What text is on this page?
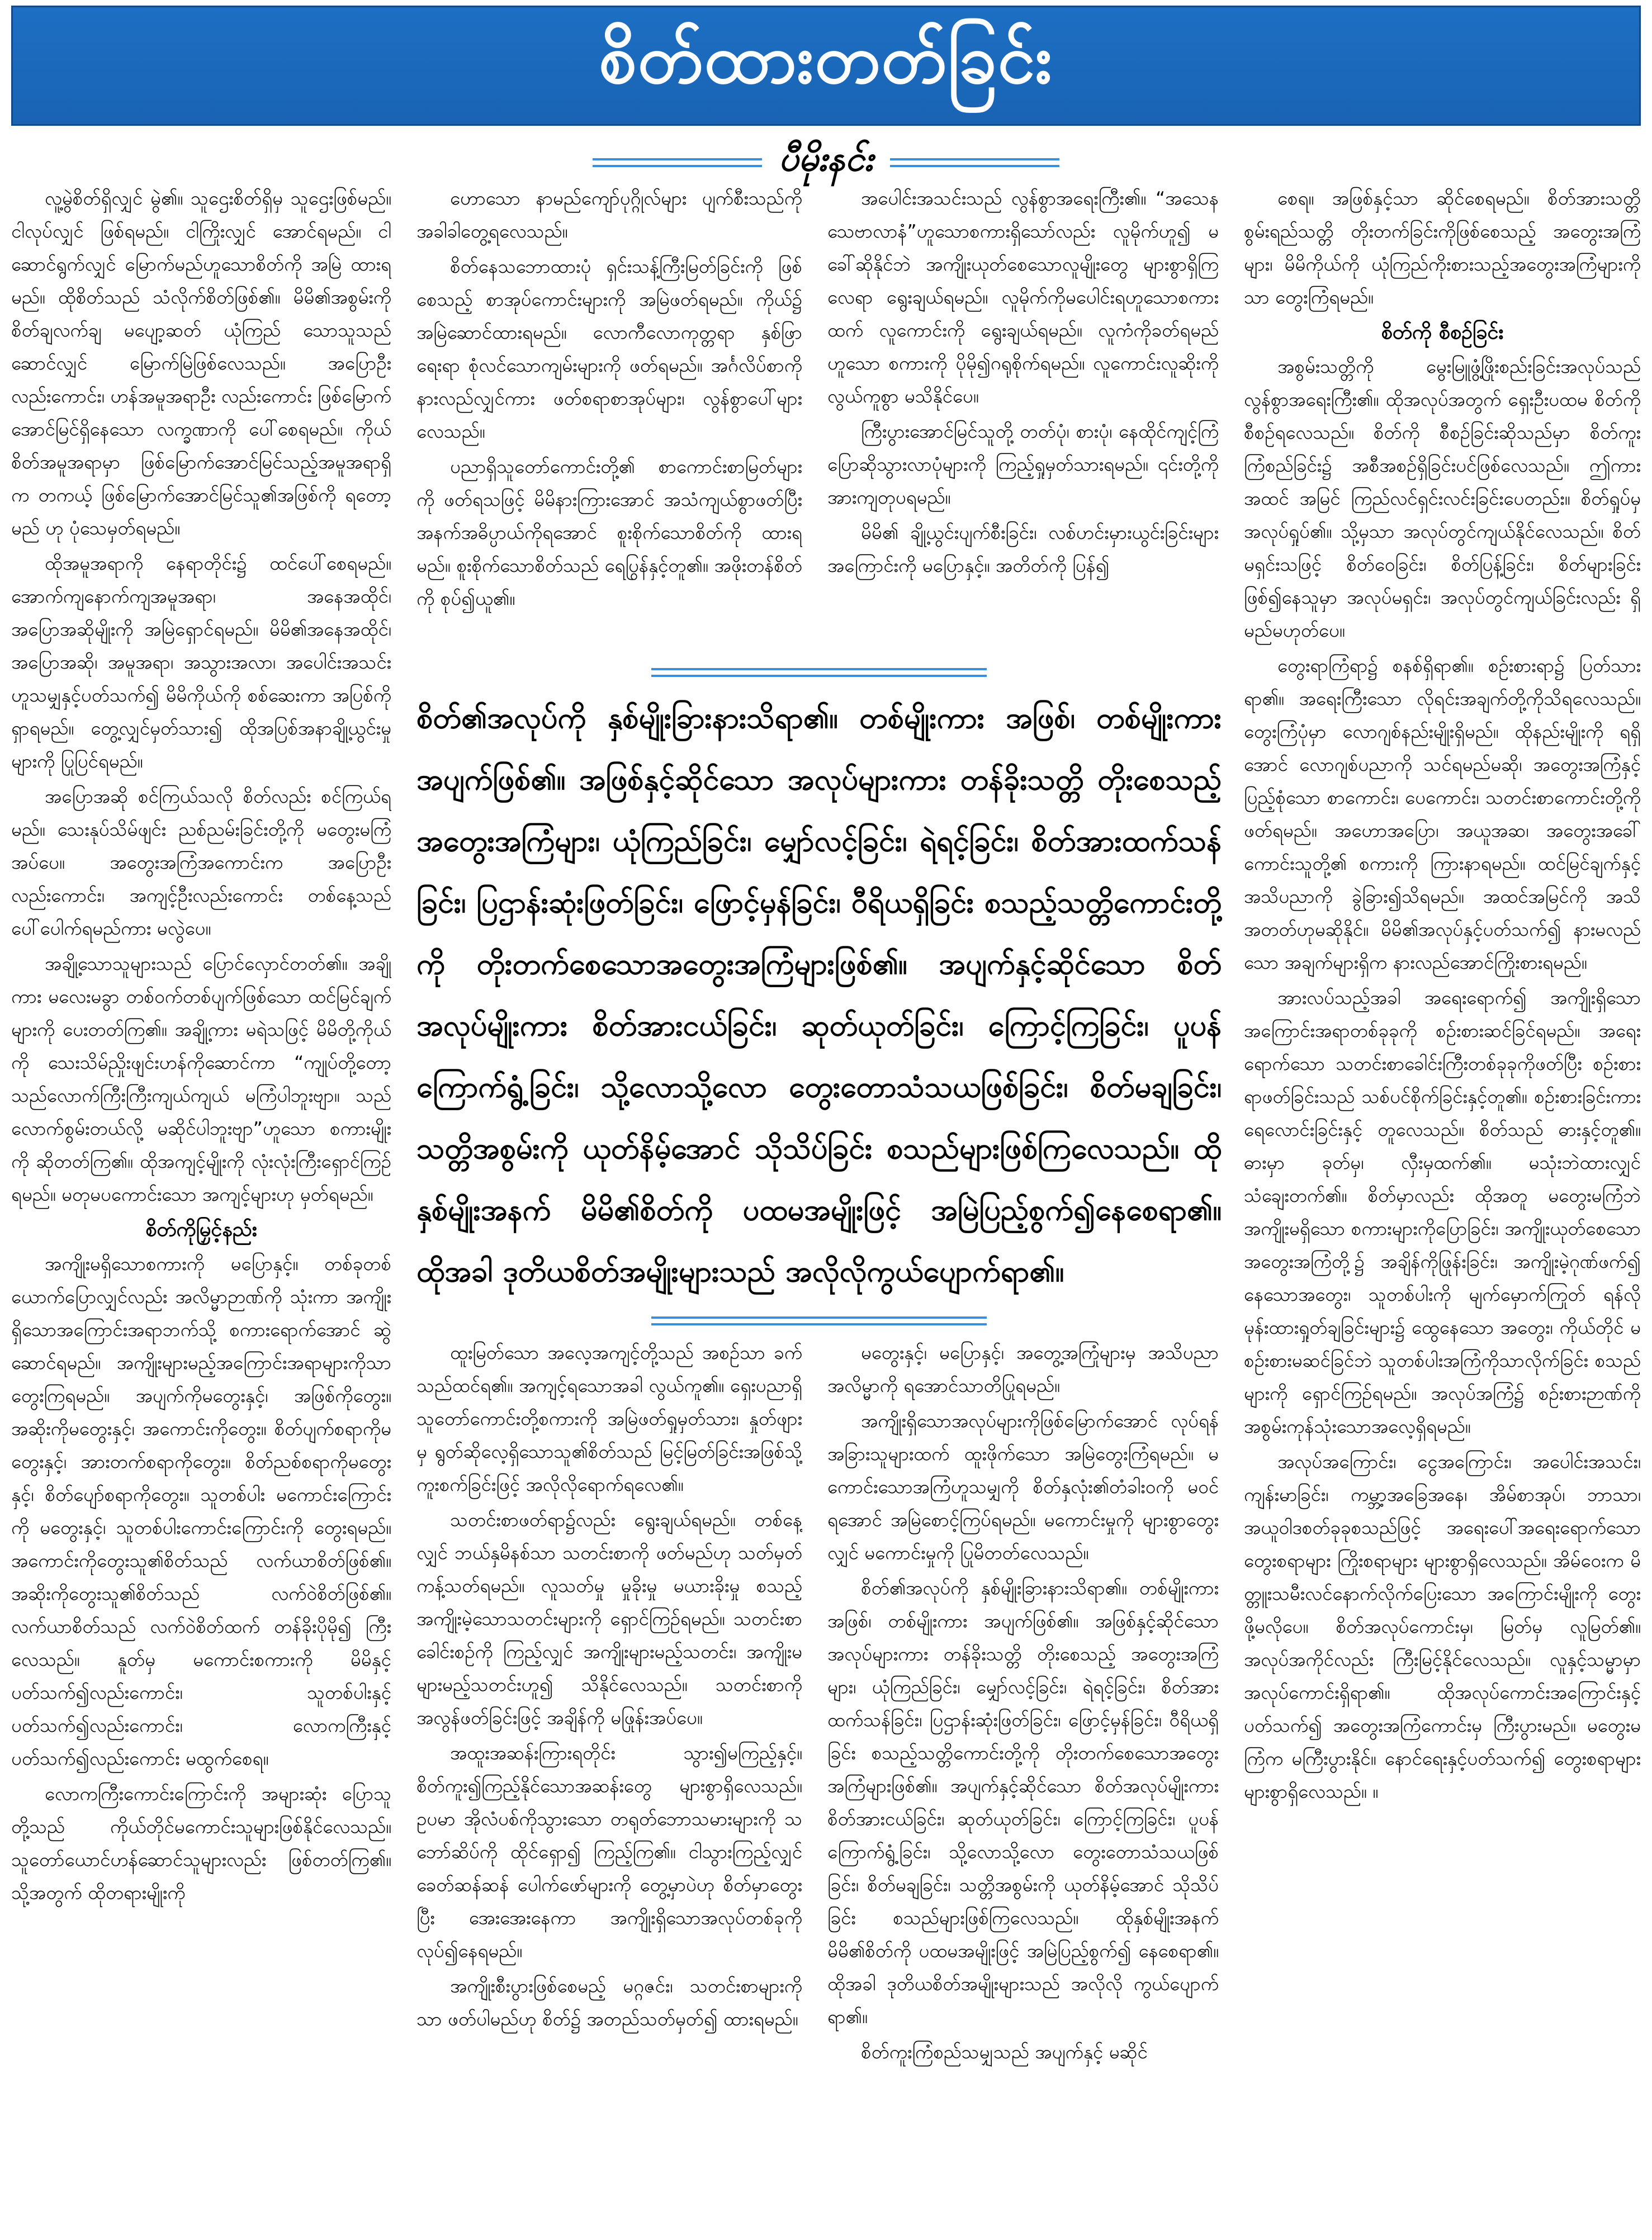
စိတ်ထားတတ်ခြင်း
ပီမိုးနင်း

လူ့မွဲစိတ်ရှိလျှင် မွဲ၏။ သူဌေးစိတ်ရှိမှ သူဌေးဖြစ်မည်။ ငါလုပ်လျှင် ဖြစ်ရမည်။ ငါကြိုးလျှင် အောင်ရမည်။ ငါဆောင်ရွက်လျှင် မြောက်မည်ဟူသောစိတ်ကို အမြဲ ထားရမည်။ ထိုစိတ်သည် သံလိုက်စိတ်ဖြစ်၏။ မိမိ၏အစွမ်းကို စိတ်ချလက်ချ မပျော့ဆတ် ယုံကြည် သောသူသည် ဆောင်လျှင် မြောက်မြဲဖြစ်လေသည်။ အပြောဦးလည်းကောင်း၊ ဟန်အမူအရာဦး လည်းကောင်း ဖြစ်မြောက်အောင်မြင်ရှိနေသော လက္ခဏာကို ပေါ်စေရမည်။ ကိုယ်စိတ်အမူအရာမှာ ဖြစ်မြောက်အောင်မြင်သည့်အမူအရာရှိက တကယ့် ဖြစ်မြောက်အောင်မြင်သူ၏အဖြစ်ကို ရတော့မည် ဟု ပုံသေမှတ်ရမည်။

ထိုအမူအရာကို နေရာတိုင်း၌ ထင်ပေါ်စေရမည်။ အောက်ကျနောက်ကျအမူအရာ၊ အနေအထိုင်၊ အပြောအဆိုမျိုးကို အမြဲရှောင်ရမည်။ မိမိ၏အနေအထိုင်၊ အပြောအဆို၊ အမူအရာ၊ အသွားအလာ၊ အပေါင်းအသင်းဟူသမျှနှင့်ပတ်သက်၍ မိမိကိုယ်ကို စစ်ဆေးကာ အပြစ်ကိုရှာရမည်။ တွေ့လျှင်မှတ်သား၍ ထိုအပြစ်အနာချို့ယွင်းမှုများကို ပြုပြင်ရမည်။

အပြောအဆို စင်ကြယ်သလို စိတ်လည်း စင်ကြယ်ရမည်။ သေးနုပ်သိမ်ဖျင်း ညစ်ညမ်းခြင်းတို့ကို မတွေးမကြံအပ်ပေ။ အတွေးအကြံအကောင်းက အပြောဦးလည်းကောင်း၊ အကျင့်ဦးလည်းကောင်း တစ်နေ့သည် ပေါ်ပေါက်ရမည်ကား မလွဲပေ။

အချို့သောသူများသည် ပြောင်လှောင်တတ်၏။ အချို့ကား မလေးမခွာ တစ်ဝက်တစ်ပျက်ဖြစ်သော ထင်မြင်ချက်များကို ပေးတတ်ကြ၏။ အချို့ကား မရဲသဖြင့် မိမိတို့ကိုယ်ကို သေးသိမ်ညှိုးဖျင်းဟန်ကိုဆောင်ကာ “ကျုပ်တို့တော့ သည်လောက်ကြီးကြီးကျယ်ကျယ် မကြံပါဘူးဗျာ။ သည်လောက်စွမ်းတယ်လို့ မဆိုင်ပါဘူးဗျာ”ဟူသော စကားမျိုးကို ဆိုတတ်ကြ၏။ ထိုအကျင့်မျိုးကို လုံးလုံးကြီးရှောင်ကြဉ်ရမည်။ မတုမပကောင်းသော အကျင့်များဟု မှတ်ရမည်။

စိတ်ကိုမြှင့်နည်း

အကျိုးမရှိသောစကားကို မပြောနှင့်။ တစ်ခုတစ်ယောက်ပြောလျှင်လည်း အလိမ္မာဉာဏ်ကို သုံးကာ အကျိုးရှိသောအကြောင်းအရာဘက်သို့ စကားရောက်အောင် ဆွဲဆောင်ရမည်။ အကျိုးများမည့်အကြောင်းအရာများကိုသာ တွေးကြရမည်။ အပျက်ကိုမတွေးနှင့်၊ အဖြစ်ကိုတွေး။ အဆိုးကိုမတွေးနှင့်၊ အကောင်းကိုတွေး။ စိတ်ပျက်စရာကိုမတွေးနှင့်၊ အားတက်စရာကိုတွေး။ စိတ်ညစ်စရာကိုမတွေးနှင့်၊ စိတ်ပျော်စရာကိုတွေး။ သူတစ်ပါး မကောင်းကြောင်းကို မတွေးနှင့်၊ သူတစ်ပါးကောင်းကြောင်းကို တွေးရမည်။ အကောင်းကိုတွေးသူ၏စိတ်သည် လက်ယာစိတ်ဖြစ်၏။ အဆိုးကိုတွေးသူ၏စိတ်သည် လက်ဝဲစိတ်ဖြစ်၏။ လက်ယာစိတ်သည် လက်ဝဲစိတ်ထက် တန်ခိုးပိုမို၍ ကြီးလေသည်။ နူတ်မှ မကောင်းစကားကို မိမိနှင့်ပတ်သက်၍လည်းကောင်း၊ သူတစ်ပါးနှင့်ပတ်သက်၍လည်းကောင်း၊ လောကကြီးနှင့် ပတ်သက်၍လည်းကောင်း မထွက်စေရ။

လောကကြီးကောင်းကြောင်းကို အများဆုံး ပြောသူတို့သည် ကိုယ်တိုင်မကောင်းသူများဖြစ်နိုင်လေသည်။ သူတော်ယောင်ဟန်ဆောင်သူများလည်း ဖြစ်တတ်ကြ၏။ သို့အတွက် ထိုတရားမျိုးကို

ဟောသော နာမည်ကျော်ပုဂ္ဂိုလ်များ ပျက်စီးသည်ကို အခါခါတွေ့ရလေသည်။

စိတ်နေသဘောထားပုံ ရှင်းသန့်ကြီးမြတ်ခြင်းကို ဖြစ်စေသည့် စာအုပ်ကောင်းများကို အမြဲဖတ်ရမည်။ ကိုယ်၌ အမြဲဆောင်ထားရမည်။ လောကီလောကုတ္တရာ နှစ်ဖြာရေးရာ စုံလင်သောကျမ်းများကို ဖတ်ရမည်။ အင်္ဂလိပ်စာကို နားလည်လျှင်ကား ဖတ်စရာစာအုပ်များ၊ လွန်စွာပေါ်များလေသည်။

ပညာရှိသူတော်ကောင်းတို့၏ စာကောင်းစာမြတ်များကို ဖတ်ရသဖြင့် မိမိနားကြားအောင် အသံကျယ်စွာဖတ်ပြီး အနက်အဓိပ္ပာယ်ကိုရအောင် စူးစိုက်သောစိတ်ကို ထားရမည်။ စူးစိုက်သောစိတ်သည် ရေပြွန်နှင့်တူ၏။ အဖိုးတန်စိတ်ကို စုပ်၍ယူ၏။

အပေါင်းအသင်းသည် လွန်စွာအရေးကြီး၏။ “အသေနသေဗာလာနံ”ဟူသောစကားရှိသော်လည်း လူမိုက်ဟူ၍ မခေါ်ဆိုနိုင်ဘဲ အကျိုးယုတ်စေသောလူမျိုးတွေ များစွာရှိကြလေရာ ရွေးချယ်ရမည်။ လူမိုက်ကိုမပေါင်းရဟူသောစကားထက် လူကောင်းကို ရွေးချယ်ရမည်။ လူကံကိုခတ်ရမည်ဟူသော စကားကို ပိုမို၍ဂရုစိုက်ရမည်။ လူကောင်းလူဆိုးကို လွယ်ကူစွာ မသိနိုင်ပေ။

ကြီးပွားအောင်မြင်သူတို့ တတ်ပုံ၊ စားပုံ၊ နေထိုင်ကျင့်ကြံ ပြောဆိုသွားလာပုံများကို ကြည့်ရှုမှတ်သားရမည်။ ၎င်းတို့ကို အားကျတုပရမည်။

မိမိ၏ ချို့ယွင်းပျက်စီးခြင်း၊ လစ်ဟင်းမှားယွင်းခြင်းများအကြောင်းကို မပြောနှင့်။ အတိတ်ကို ပြန်၍

စိတ်၏အလုပ်ကို နှစ်မျိုးခြားနားသိရာ၏။ တစ်မျိုးကား အဖြစ်၊ တစ်မျိုးကား အပျက်ဖြစ်၏။ အဖြစ်နှင့်ဆိုင်သော အလုပ်များကား တန်ခိုးသတ္တိ တိုးစေသည့် အတွေးအကြံများ၊ ယုံကြည်ခြင်း၊ မျှော်လင့်ခြင်း၊ ရဲရင့်ခြင်း၊ စိတ်အားထက်သန်ခြင်း၊ ပြဌာန်းဆုံးဖြတ်ခြင်း၊ ဖြောင့်မှန်ခြင်း၊ ဝီရိယရှိခြင်း စသည့်သတ္တိကောင်းတို့ကို တိုးတက်စေသောအတွေးအကြံများဖြစ်၏။ အပျက်နှင့်ဆိုင်သော စိတ်အလုပ်မျိုးကား စိတ်အားငယ်ခြင်း၊ ဆုတ်ယုတ်ခြင်း၊ ကြောင့်ကြခြင်း၊ ပူပန်ကြောက်ရွံ့ခြင်း၊ သို့လောသို့လော တွေးတောသံသယဖြစ်ခြင်း၊ စိတ်မချခြင်း၊ သတ္တိအစွမ်းကို ယုတ်နိမ့်အောင် သိုသိပ်ခြင်း စသည်များဖြစ်ကြလေသည်။ ထိုနှစ်မျိုးအနက် မိမိ၏စိတ်ကို ပထမအမျိုးဖြင့် အမြဲပြည့်စွက်၍နေစေရာ၏။ ထိုအခါ ဒုတိယစိတ်အမျိုးများသည် အလိုလိုကွယ်ပျောက်ရာ၏။

ထူးမြတ်သော အလေ့အကျင့်တို့သည် အစဉ်သာ ခက်သည်ထင်ရ၏။ အကျင့်ရသောအခါ လွယ်ကူ၏။ ရှေးပညာရှိ သူတော်ကောင်းတို့စကားကို အမြဲဖတ်ရှုမှတ်သား၊ နှုတ်ဖျားမှ ရွတ်ဆိုလေ့ရှိသောသူ၏စိတ်သည် မြင့်မြတ်ခြင်းအဖြစ်သို့ ကူးစက်ခြင်းဖြင့် အလိုလိုရောက်ရလေ၏။

သတင်းစာဖတ်ရာ၌လည်း ရွေးချယ်ရမည်။ တစ်နေ့လျှင် ဘယ်နှမိနစ်သာ သတင်းစာကို ဖတ်မည်ဟု သတ်မှတ်ကန့်သတ်ရမည်။ လူသတ်မှု မှုခိုးမှု မယားခိုးမှု စသည့်အကျိုးမဲ့သောသတင်းများကို ရှောင်ကြဉ်ရမည်။ သတင်းစာခေါင်းစဉ်ကို ကြည့်လျှင် အကျိုးများမည့်သတင်း၊ အကျိုးမများမည့်သတင်းဟူ၍ သိနိုင်လေသည်။ သတင်းစာကို အလွန်ဖတ်ခြင်းဖြင့် အချိန်ကို မဖြုန်းအပ်ပေ။

အထူးအဆန်းကြားရတိုင်း သွား၍မကြည့်နှင့်။ စိတ်ကူး၍ကြည့်နိုင်သောအဆန်းတွေ များစွာရှိလေသည်။ ဥပမာ အိုလံပစ်ကိုသွားသော တရုတ်ဘောသမားများကို သဘော်ဆိပ်ကို ထိုင်ရှော၍ ကြည့်ကြ၏။ ငါသွားကြည့်လျှင် ခေတ်ဆန်ဆန် ပေါက်ဖော်များကို တွေ့မှာပဲဟု စိတ်မှာတွေးပြီး အေးအေးနေကာ အကျိုးရှိသောအလုပ်တစ်ခုကို လုပ်၍နေရမည်။

အကျိုးစီးပွားဖြစ်စေမည့် မဂ္ဂဇင်း၊ သတင်းစာများကိုသာ ဖတ်ပါမည်ဟု စိတ်၌ အတည်သတ်မှတ်၍ ထားရမည်။

မတွေးနှင့်၊ မပြောနှင့်၊ အတွေ့အကြုံများမှ အသိပညာ အလိမ္မာကို ရအောင်သာတိပြုရမည်။

အကျိုးရှိသောအလုပ်များကိုဖြစ်မြောက်အောင် လုပ်ရန် အခြားသူများထက် ထူးဖိုက်သော အမြဲတွေးကြံရမည်။ မကောင်းသောအကြံဟူသမျှကို စိတ်နှလုံး၏တံခါးဝကို မဝင်ရအောင် အမြဲစောင့်ကြပ်ရမည်။ မကောင်းမှုကို များစွာတွေးလျှင် မကောင်းမှုကို ပြုမိတတ်လေသည်။

စိတ်၏အလုပ်ကို နှစ်မျိုးခြားနားသိရာ၏။ တစ်မျိုးကား အဖြစ်၊ တစ်မျိုးကား အပျက်ဖြစ်၏။ အဖြစ်နှင့်ဆိုင်သော အလုပ်များကား တန်ခိုးသတ္တိ တိုးစေသည့် အတွေးအကြံများ၊ ယုံကြည်ခြင်း၊ မျှော်လင့်ခြင်း၊ ရဲရင့်ခြင်း၊ စိတ်အားထက်သန်ခြင်း၊ ပြဌာန်းဆုံးဖြတ်ခြင်း၊ ဖြောင့်မှန်ခြင်း၊ ဝီရိယရှိခြင်း စသည့်သတ္တိကောင်းတို့ကို တိုးတက်စေသောအတွေးအကြံများဖြစ်၏။ အပျက်နှင့်ဆိုင်သော စိတ်အလုပ်မျိုးကား စိတ်အားငယ်ခြင်း၊ ဆုတ်ယုတ်ခြင်း၊ ကြောင့်ကြခြင်း၊ ပူပန်ကြောက်ရွံ့ခြင်း၊ သို့လောသို့လော တွေးတောသံသယဖြစ်ခြင်း၊ စိတ်မချခြင်း၊ သတ္တိအစွမ်းကို ယုတ်နိမ့်အောင် သိုသိပ်ခြင်း စသည်များဖြစ်ကြလေသည်။ ထိုနှစ်မျိုးအနက် မိမိ၏စိတ်ကို ပထမအမျိုးဖြင့် အမြဲပြည့်စွက်၍ နေစေရာ၏။ ထိုအခါ ဒုတိယစိတ်အမျိုးများသည် အလိုလို ကွယ်ပျောက်ရာ၏။

စိတ်ကူးကြံစည်သမျှသည် အပျက်နှင့် မဆိုင်

စေရ။ အဖြစ်နှင့်သာ ဆိုင်စေရမည်။ စိတ်အားသတ္တိ စွမ်းရည်သတ္တိ တိုးတက်ခြင်းကိုဖြစ်စေသည့် အတွေးအကြံများ၊ မိမိကိုယ်ကို ယုံကြည်ကိုးစားသည့်အတွေးအကြံများကိုသာ တွေးကြံရမည်။

စိတ်ကို စီစဉ်ခြင်း

အစွမ်းသတ္တိကို မွေးမြူဖွံ့ဖြိုးစည်းခြင်းအလုပ်သည် လွန်စွာအရေးကြီး၏။ ထိုအလုပ်အတွက် ရှေးဦးပထမ စိတ်ကို စီစဉ်ရလေသည်။ စိတ်ကို စီစဉ်ခြင်းဆိုသည်မှာ စိတ်ကူးကြံစည်ခြင်း၌ အစီအစဉ်ရှိခြင်းပင်ဖြစ်လေသည်။ ဤကား အထင် အမြင် ကြည်လင်ရှင်းလင်းခြင်းပေတည်း။ စိတ်ရှုပ်မှ အလုပ်ရှုပ်၏။ သို့မှသာ အလုပ်တွင်ကျယ်နိုင်လေသည်။ စိတ်မရှင်းသဖြင့် စိတ်ဝေခြင်း၊ စိတ်ပြန့်ခြင်း၊ စိတ်များခြင်း ဖြစ်၍နေသူမှာ အလုပ်မရှင်း၊ အလုပ်တွင်ကျယ်ခြင်းလည်း ရှိမည်မဟုတ်ပေ။

တွေးရာကြံရာ၌ စနစ်ရှိရာ၏။ စဉ်းစားရာ၌ ပြတ်သားရာ၏။ အရေးကြီးသော လိုရင်းအချက်တို့ကိုသိရလေသည်။ တွေးကြံပုံမှာ လောဂျစ်နည်းမျိုးရှိမည်။ ထိုနည်းမျိုးကို ရရှိအောင် လောဂျစ်ပညာကို သင်ရမည်မဆို၊ အတွေးအကြံနှင့် ပြည့်စုံသော စာကောင်း၊ ပေကောင်း၊ သတင်းစာကောင်းတို့ကို ဖတ်ရမည်။ အဟောအပြော၊ အယူအဆ၊ အတွေးအခေါ်ကောင်းသူတို့၏ စကားကို ကြားနာရမည်။ ထင်မြင်ချက်နှင့် အသိပညာကို ခွဲခြား၍သိရမည်။ အထင်အမြင်ကို အသိအတတ်ဟုမဆိုနိုင်။ မိမိ၏အလုပ်နှင့်ပတ်သက်၍ နားမလည်သော အချက်များရှိက နားလည်အောင်ကြိုးစားရမည်။

အားလပ်သည့်အခါ အရေးရောက်၍ အကျိုးရှိသော အကြောင်းအရာတစ်ခုခုကို စဉ်းစားဆင်ခြင်ရမည်။ အရေးရောက်သော သတင်းစာခေါင်းကြီးတစ်ခုခုကိုဖတ်ပြီး စဉ်းစားရာဖတ်ခြင်းသည် သစ်ပင်စိုက်ခြင်းနှင့်တူ၏။ စဉ်းစားခြင်းကား ရေလောင်းခြင်းနှင့် တူလေသည်။ စိတ်သည် ဓားနှင့်တူ၏။ ဓားမှာ ခုတ်မှ၊ လှီးမှထက်၏။ မသုံးဘဲထားလျှင် သံချေးတက်၏။ စိတ်မှာလည်း ထိုအတူ မတွေးမကြံဘဲ အကျိုးမရှိသော စကားများကိုပြောခြင်း၊ အကျိုးယုတ်စေသော အတွေးအကြံတို့၌ အချိန်ကိုဖြုန်းခြင်း၊ အကျိုးမဲ့ဂုဏ်ဖက်၍ နေသောအတွေး၊ သူတစ်ပါးကို မျက်မှောက်ကြုတ် ရန်လိုမုန်းထားရှုတ်ချခြင်းများ၌ ထွေနေသော အတွေး၊ ကိုယ်တိုင် မစဉ်းစားမဆင်ခြင်ဘဲ သူတစ်ပါးအကြံကိုသာလိုက်ခြင်း စသည်များကို ရှောင်ကြဉ်ရမည်။ အလုပ်အကြံ၌ စဉ်းစားဉာဏ်ကို အစွမ်းကုန်သုံးသောအလေ့ရှိရမည်။

အလုပ်အကြောင်း၊ ငွေအကြောင်း၊ အပေါင်းအသင်း၊ ကျန်းမာခြင်း၊ ကမ္ဘာ့အခြေအနေ၊ အိမ်စာအုပ်၊ ဘာသာ၊ အယူဝါဒစတ်ခုခုစသည်ဖြင့် အရေးပေါ်အရေးရောက်သော တွေးစရာများ ကြိုးစရာများ များစွာရှိလေသည်။ အိမ်ဝေးက မိတ္တူးသမီးလင်နောက်လိုက်ပြေးသော အကြောင်းမျိုးကို တွေးဖို့မလိုပေ။ စိတ်အလုပ်ကောင်းမှ၊ မြတ်မှ လူမြတ်၏။ အလုပ်အကိုင်လည်း ကြီးမြင့်နိုင်လေသည်။ လူနှင့်သမ္မာမှာ အလုပ်ကောင်းရှိရာ၏။ ထိုအလုပ်ကောင်းအကြောင်းနှင့်ပတ်သက်၍ အတွေးအကြံကောင်းမှ ကြီးပွားမည်။ မတွေးမကြံက မကြီးပွားနိုင်။ နောင်ရေးနှင့်ပတ်သက်၍ တွေးစရာများများစွာရှိလေသည်။ ။
